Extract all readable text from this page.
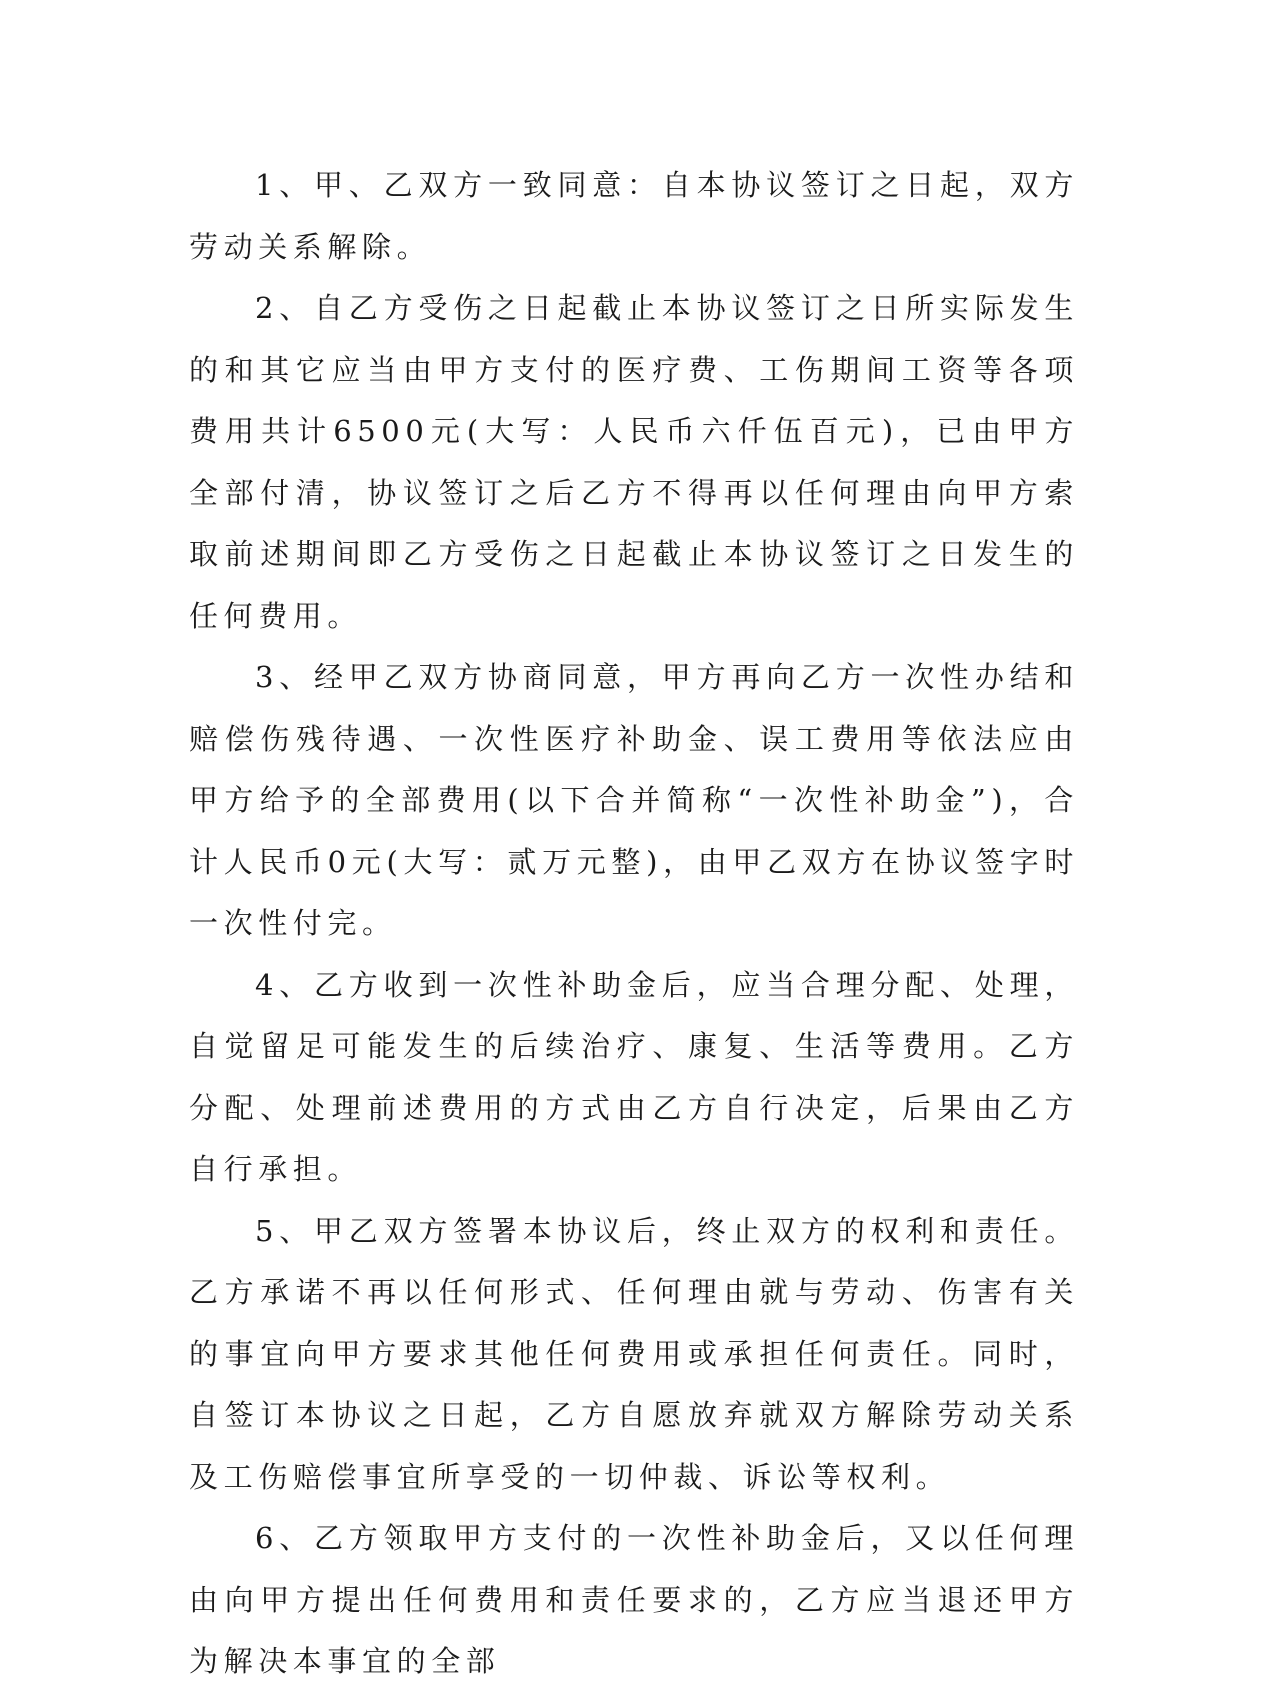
1、甲、乙双方一致同意：自本协议签订之日起，双方劳动关系解除。

2、自乙方受伤之日起截止本协议签订之日所实际发生的和其它应当由甲方支付的医疗费、工伤期间工资等各项费用共计6500元(大写：人民币六仟伍百元)，已由甲方全部付清，协议签订之后乙方不得再以任何理由向甲方索取前述期间即乙方受伤之日起截止本协议签订之日发生的任何费用。

3、经甲乙双方协商同意，甲方再向乙方一次性办结和赔偿伤残待遇、一次性医疗补助金、误工费用等依法应由甲方给予的全部费用(以下合并简称“一次性补助金”)，合计人民币0元(大写：贰万元整)，由甲乙双方在协议签字时一次性付完。

4、乙方收到一次性补助金后，应当合理分配、处理，自觉留足可能发生的后续治疗、康复、生活等费用。乙方分配、处理前述费用的方式由乙方自行决定，后果由乙方自行承担。

5、甲乙双方签署本协议后，终止双方的权利和责任。乙方承诺不再以任何形式、任何理由就与劳动、伤害有关的事宜向甲方要求其他任何费用或承担任何责任。同时，自签订本协议之日起，乙方自愿放弃就双方解除劳动关系及工伤赔偿事宜所享受的一切仲裁、诉讼等权利。

6、乙方领取甲方支付的一次性补助金后，又以任何理由向甲方提出任何费用和责任要求的，乙方应当退还甲方为解决本事宜的全部
